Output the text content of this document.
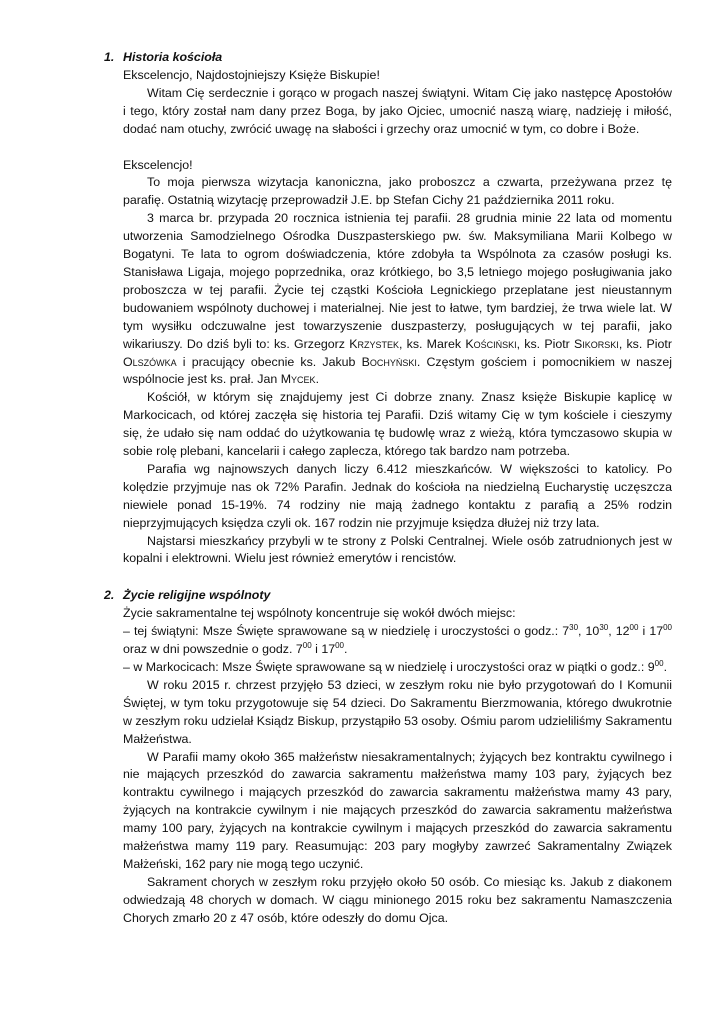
1. Historia kościoła

Ekscelencjo, Najdostojniejszy Księże Biskupie!

Witam Cię serdecznie i gorąco w progach naszej świątyni. Witam Cię jako następcę Apostołów i tego, który został nam dany przez Boga, by jako Ojciec, umocnić naszą wiarę, nadzieję i miłość, dodać nam otuchy, zwrócić uwagę na słabości i grzechy oraz umocnić w tym, co dobre i Boże.

Ekscelencjo!

To moja pierwsza wizytacja kanoniczna, jako proboszcz a czwarta, przeżywana przez tę parafię. Ostatnią wizytację przeprowadził J.E. bp Stefan Cichy 21 października 2011 roku.

3 marca br. przypada 20 rocznica istnienia tej parafii. 28 grudnia minie 22 lata od momentu utworzenia Samodzielnego Ośrodka Duszpasterskiego pw. św. Maksymiliana Marii Kolbego w Bogatyni. Te lata to ogrom doświadczenia, które zdobyła ta Wspólnota za czasów posługi ks. Stanisława Ligaja, mojego poprzednika, oraz krótkiego, bo 3,5 letniego mojego posługiwania jako proboszcza w tej parafii. Życie tej cząstki Kościoła Legnickiego przeplatane jest nieustannym budowaniem wspólnoty duchowej i materialnej. Nie jest to łatwe, tym bardziej, że trwa wiele lat. W tym wysiłku odczuwalne jest towarzyszenie duszpasterzy, posługujących w tej parafii, jako wikariuszy. Do dziś byli to: ks. Grzegorz Krzystek, ks. Marek Kościński, ks. Piotr Sikorski, ks. Piotr Olszówka i pracujący obecnie ks. Jakub Bochyński. Częstym gościem i pomocnikiem w naszej wspólnocie jest ks. prał. Jan Mycek.

Kościół, w którym się znajdujemy jest Ci dobrze znany. Znasz księże Biskupie kaplicę w Markocicach, od której zaczęła się historia tej Parafii. Dziś witamy Cię w tym kościele i cieszymy się, że udało się nam oddać do użytkowania tę budowlę wraz z wieżą, która tymczasowo skupia w sobie rolę plebani, kancelarii i całego zaplecza, którego tak bardzo nam potrzeba.

Parafia wg najnowszych danych liczy 6.412 mieszkańców. W większości to katolicy. Po kolędzie przyjmuje nas ok 72% Parafin. Jednak do kościoła na niedzielną Eucharystię uczęszcza niewiele ponad 15-19%. 74 rodziny nie mają żadnego kontaktu z parafią a 25% rodzin nieprzyjmujących księdza czyli ok. 167 rodzin nie przyjmuje księdza dłużej niż trzy lata.

Najstarsi mieszkańcy przybyli w te strony z Polski Centralnej. Wiele osób zatrudnionych jest w kopalni i elektrowni. Wielu jest również emerytów i rencistów.

2. Życie religijne wspólnoty

Życie sakramentalne tej wspólnoty koncentruje się wokół dwóch miejsc:

– tej świątyni: Msze Święte sprawowane są w niedzielę i uroczystości o godz.: $7^{30}$, $10^{30}$, $12^{00}$ i $17^{00}$ oraz w dni powszednie o godz. $7^{00}$ i $17^{00}$.

– w Markocicach: Msze Święte sprawowane są w niedzielę i uroczystości oraz w piątki o godz.: $9^{00}$.

W roku 2015 r. chrzest przyjęło 53 dzieci, w zeszłym roku nie było przygotowań do I Komunii Świętej, w tym toku przygotowuje się 54 dzieci. Do Sakramentu Bierzmowania, którego dwukrotnie w zeszłym roku udzielał Ksiądz Biskup, przystąpiło 53 osoby. Ośmiu parom udzieliliśmy Sakramentu Małżeństwa.

W Parafii mamy około 365 małżeństw niesakramentalnych; żyjących bez kontraktu cywilnego i nie mających przeszkód do zawarcia sakramentu małżeństwa mamy 103 pary, żyjących bez kontraktu cywilnego i mających przeszkód do zawarcia sakramentu małżeństwa mamy 43 pary, żyjących na kontrakcie cywilnym i nie mających przeszkód do zawarcia sakramentu małżeństwa mamy 100 pary, żyjących na kontrakcie cywilnym i mających przeszkód do zawarcia sakramentu małżeństwa mamy 119 pary. Reasumując: 203 pary mogłyby zawrzeć Sakramentalny Związek Małżeński, 162 pary nie mogą tego uczynić.

Sakrament chorych w zeszłym roku przyjęło około 50 osób. Co miesiąc ks. Jakub z diakonem odwiedzają 48 chorych w domach. W ciągu minionego 2015 roku bez sakramentu Namaszczenia Chorych zmarło 20 z 47 osób, które odeszły do domu Ojca.
